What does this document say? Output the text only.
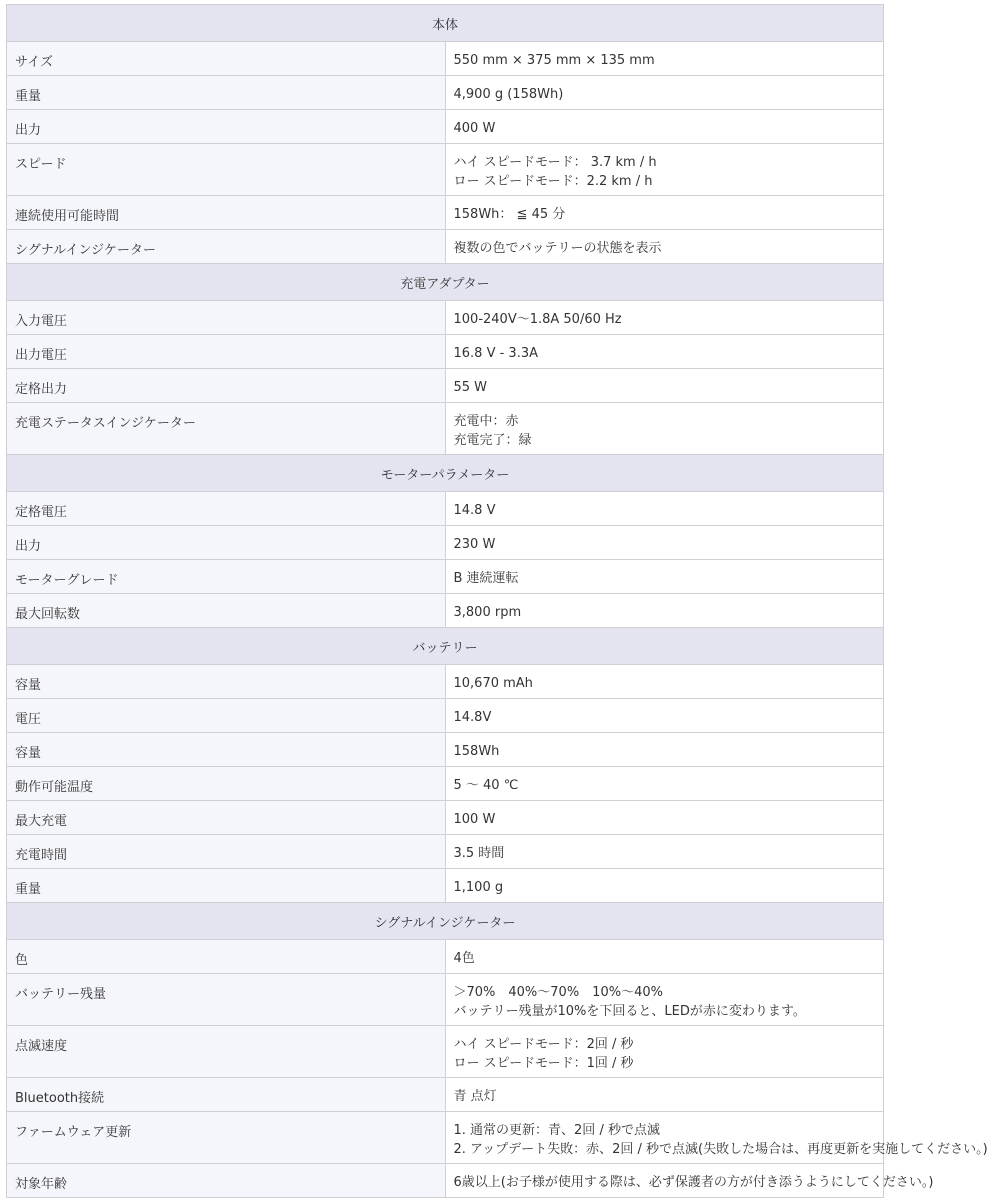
本体	
サイズ	550 mm × 375 mm × 135 mm

重量	4,900 g (158Wh)

出力	400 W

スピード	ハイ スピードモード： 3.7 km / h
ロー スピードモード：2.2 km / h

連続使用可能時間	158Wh： ≦ 45 分

シグナルインジケーター	複数の色でバッテリーの状態を表示

充電アダプター	
入力電圧	100-240V～1.8A 50/60 Hz

出力電圧	16.8 V - 3.3A

定格出力	55 W

充電ステータスインジケーター	充電中：赤
充電完了：緑

モーターパラメーター	
定格電圧	14.8 V

出力	230 W

モーターグレード	B 連続運転

最大回転数	3,800 rpm

バッテリー	
容量	10,670 mAh

電圧	14.8V

容量	158Wh

動作可能温度	5 ～ 40 ℃

最大充電	100 W

充電時間	3.5 時間

重量	1,100 g

シグナルインジケーター	
色	4色

バッテリー残量	＞70%　40%～70%　10%～40%
バッテリー残量が10%を下回ると、LEDが赤に変わります。

点滅速度	ハイ スピードモード：2回 / 秒
ロー スピードモード：1回 / 秒

Bluetooth接続	青 点灯

ファームウェア更新	1. 通常の更新：青、2回 / 秒で点滅
2. アップデート失敗：赤、2回 / 秒で点滅(失敗した場合は、再度更新を実施してください。)

対象年齢	6歳以上(お子様が使用する際は、必ず保護者の方が付き添うようにしてください。)
